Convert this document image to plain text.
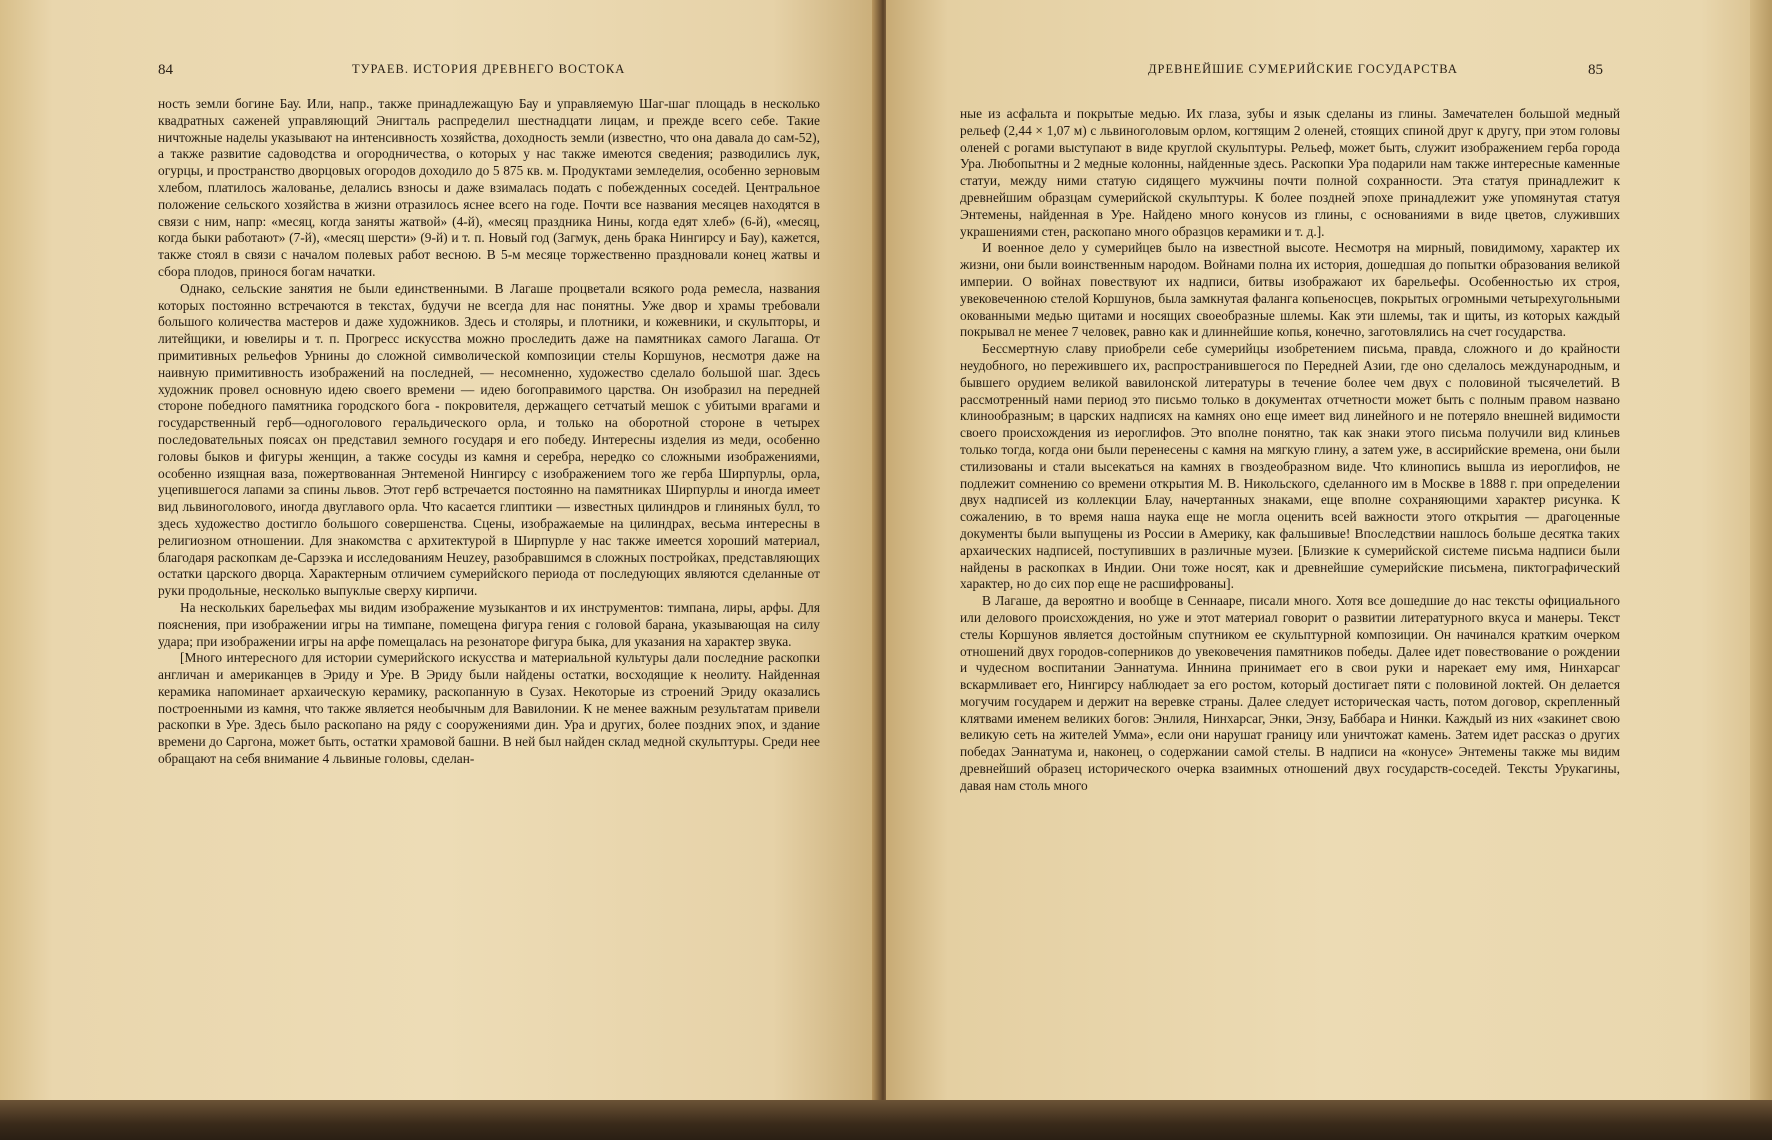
84	ТУРАЕВ. ИСТОРИЯ ДРЕВНЕГО ВОСТОКА

ность земли богине Бау. Или, напр., также принадлежащую Бау и управляемую Шаг-шаг площадь в несколько квадратных саженей управляющий Энигталь распределил шестнадцати лицам, и прежде всего себе. Такие ничтожные наделы указывают на интенсивность хозяйства, доходность земли (известно, что она давала до сам-52), а также развитие садоводства и огородничества, о которых у нас также имеются сведения; разводились лук, огурцы, и пространство дворцовых огородов доходило до 5 875 кв. м. Продуктами земледелия, особенно зерновым хлебом, платилось жалованье, делались взносы и даже взималась подать с побежденных соседей. Центральное положение сельского хозяйства в жизни отразилось яснее всего на годе. Почти все названия месяцев находятся в связи с ним, напр: «месяц, когда заняты жатвой» (4-й), «месяц праздника Нины, когда едят хлеб» (6-й), «месяц, когда быки работают» (7-й), «месяц шерсти» (9-й) и т. п. Новый год (Загмук, день брака Нингирсу и Бау), кажется, также стоял в связи с началом полевых работ весною. В 5-м месяце торжественно праздновали конец жатвы и сбора плодов, принося богам начатки.

Однако, сельские занятия не были единственными. В Лагаше процветали всякого рода ремесла, названия которых постоянно встречаются в текстах, будучи не всегда для нас понятны. Уже двор и храмы требовали большого количества мастеров и даже художников. Здесь и столяры, и плотники, и кожевники, и скульпторы, и литейщики, и ювелиры и т. п. Прогресс искусства можно проследить даже на памятниках самого Лагаша. От примитивных рельефов Урнины до сложной символической композиции стелы Коршунов, несмотря даже на наивную примитивность изображений на последней, — несомненно, художество сделало большой шаг. Здесь художник провел основную идею своего времени — идею богоправимого царства. Он изобразил на передней стороне победного памятника городского бога - покровителя, держащего сетчатый мешок с убитыми врагами и государственный герб—одноголового геральдического орла, и только на оборотной стороне в четырех последовательных поясах он представил земного государя и его победу. Интересны изделия из меди, особенно головы быков и фигуры женщин, а также сосуды из камня и серебра, нередко со сложными изображениями, особенно изящная ваза, пожертвованная Энтеменой Нингирсу с изображением того же герба Ширпурлы, орла, уцепившегося лапами за спины львов. Этот герб встречается постоянно на памятниках Ширпурлы и иногда имеет вид львиноголового, иногда двуглавого орла. Что касается глиптики — известных цилиндров и глиняных булл, то здесь художество достигло большого совершенства. Сцены, изображаемые на цилиндрах, весьма интересны в религиозном отношении. Для знакомства с архитектурой в Ширпурле у нас также имеется хороший материал, благодаря раскопкам де-Сарзэка и исследованиям Heuzey, разобравшимся в сложных постройках, представляющих остатки царского дворца. Характерным отличием сумерийского периода от последующих являются сделанные от руки продольные, несколько выпуклые сверху кирпичи.

На нескольких барельефах мы видим изображение музыкантов и их инструментов: тимпана, лиры, арфы. Для пояснения, при изображении игры на тимпане, помещена фигура гения с головой барана, указывающая на силу удара; при изображении игры на арфе помещалась на резонаторе фигура быка, для указания на характер звука.

[Много интересного для истории сумерийского искусства и материальной культуры дали последние раскопки англичан и американцев в Эриду и Уре. В Эриду были найдены остатки, восходящие к неолиту. Найденная керамика напоминает архаическую керамику, раскопанную в Сузах. Некоторые из строений Эриду оказались построенными из камня, что также является необычным для Вавилонии. К не менее важным результатам привели раскопки в Уре. Здесь было раскопано на ряду с сооружениями дин. Ура и других, более поздних эпох, и здание времени до Саргона, может быть, остатки храмовой башни. В ней был найден склад медной скульптуры. Среди нее обращают на себя внимание 4 львиные головы, сделан-

ДРЕВНЕЙШИЕ СУМЕРИЙСКИЕ ГОСУДАРСТВА	85

ные из асфальта и покрытые медью. Их глаза, зубы и язык сделаны из глины. Замечателен большой медный рельеф (2,44 × 1,07 м) с львиноголовым орлом, когтящим 2 оленей, стоящих спиной друг к другу, при этом головы оленей с рогами выступают в виде круглой скульптуры. Рельеф, может быть, служит изображением герба города Ура. Любопытны и 2 медные колонны, найденные здесь. Раскопки Ура подарили нам также интересные каменные статуи, между ними статую сидящего мужчины почти полной сохранности. Эта статуя принадлежит к древнейшим образцам сумерийской скульптуры. К более поздней эпохе принадлежит уже упомянутая статуя Энтемены, найденная в Уре. Найдено много конусов из глины, с основаниями в виде цветов, служивших украшениями стен, раскопано много образцов керамики и т. д.].

И военное дело у сумерийцев было на известной высоте. Несмотря на мирный, повидимому, характер их жизни, они были воинственным народом. Войнами полна их история, дошедшая до попытки образования великой империи. О войнах повествуют их надписи, битвы изображают их барельефы. Особенностью их строя, увековеченною стелой Коршунов, была замкнутая фаланга копьеносцев, покрытых огромными четырехугольными окованными медью щитами и носящих своеобразные шлемы. Как эти шлемы, так и щиты, из которых каждый покрывал не менее 7 человек, равно как и длиннейшие копья, конечно, заготовлялись на счет государства.

Бессмертную славу приобрели себе сумерийцы изобретением письма, правда, сложного и до крайности неудобного, но пережившего их, распространившегося по Передней Азии, где оно сделалось международным, и бывшего орудием великой вавилонской литературы в течение более чем двух с половиной тысячелетий. В рассмотренный нами период это письмо только в документах отчетности может быть с полным правом названо клинообразным; в царских надписях на камнях оно еще имеет вид линейного и не потеряло внешней видимости своего происхождения из иероглифов. Это вполне понятно, так как знаки этого письма получили вид клиньев только тогда, когда они были перенесены с камня на мягкую глину, а затем уже, в ассирийские времена, они были стилизованы и стали высекаться на камнях в гвоздеобразном виде. Что клинопись вышла из иероглифов, не подлежит сомнению со времени открытия М. В. Никольского, сделанного им в Москве в 1888 г. при определении двух надписей из коллекции Блау, начертанных знаками, еще вполне сохраняющими характер рисунка. К сожалению, в то время наша наука еще не могла оценить всей важности этого открытия — драгоценные документы были выпущены из России в Америку, как фальшивые! Впоследствии нашлось больше десятка таких архаических надписей, поступивших в различные музеи. [Близкие к сумерийской системе письма надписи были найдены в раскопках в Индии. Они тоже носят, как и древнейшие сумерийские письмена, пиктографический характер, но до сих пор еще не расшифрованы].

В Лагаше, да вероятно и вообще в Сеннааре, писали много. Хотя все дошедшие до нас тексты официального или делового происхождения, но уже и этот материал говорит о развитии литературного вкуса и манеры. Текст стелы Коршунов является достойным спутником ее скульптурной композиции. Он начинался кратким очерком отношений двух городов-соперников до увековечения памятников победы. Далее идет повествование о рождении и чудесном воспитании Эаннатума. Иннина принимает его в свои руки и нарекает ему имя, Нинхарсаг вскармливает его, Нингирсу наблюдает за его ростом, который достигает пяти с половиной локтей. Он делается могучим государем и держит на веревке страны. Далее следует историческая часть, потом договор, скрепленный клятвами именем великих богов: Энлиля, Нинхарсаг, Энки, Энзу, Баббара и Нинки. Каждый из них «закинет свою великую сеть на жителей Умма», если они нарушат границу или уничтожат камень. Затем идет рассказ о других победах Эаннатума и, наконец, о содержании самой стелы. В надписи на «конусе» Энтемены также мы видим древнейший образец исторического очерка взаимных отношений двух государств-соседей. Тексты Урукагины, давая нам столь много
